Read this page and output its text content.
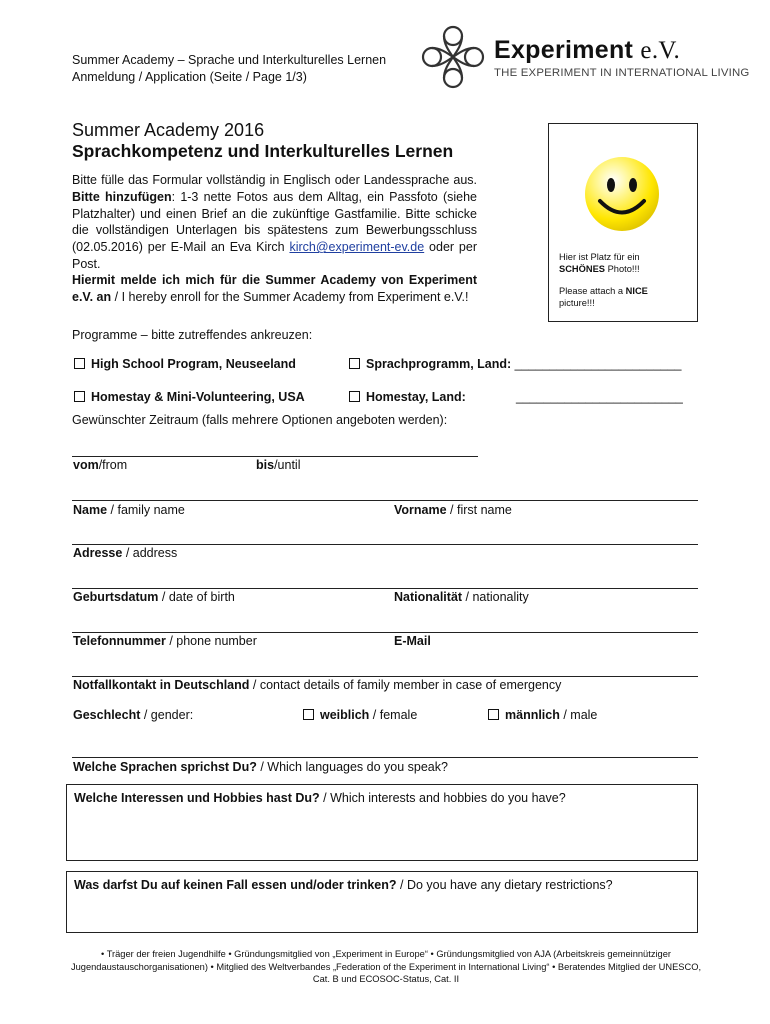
Summer Academy – Sprache und Interkulturelles Lernen
Anmeldung / Application (Seite / Page 1/3)
Experiment e.V.
THE EXPERIMENT IN INTERNATIONAL LIVING
Summer Academy 2016
Sprachkompetenz und Interkulturelles Lernen
Bitte fülle das Formular vollständig in Englisch oder Landessprache aus. Bitte hinzufügen: 1-3 nette Fotos aus dem Alltag, ein Passfoto (siehe Platzhalter) und einen Brief an die zukünftige Gastfamilie. Bitte schicke die vollständigen Unterlagen bis spätestens zum Bewerbungsschluss (02.05.2016) per E-Mail an Eva Kirch kirch@experiment-ev.de oder per Post.
Hiermit melde ich mich für die Summer Academy von Experiment e.V. an / I hereby enroll for the Summer Academy from Experiment e.V.!
Hier ist Platz für ein
SCHÖNES Photo!!!
Please attach a NICE
picture!!!
Programme – bitte zutreffendes ankreuzen:
High School Program, Neuseeland	Sprachprogramm, Land: ________________________
Homestay & Mini-Volunteering, USA	Homestay, Land:	________________________
Gewünschter Zeitraum (falls mehrere Optionen angeboten werden):
vom/from	bis/until
Name / family name	Vorname / first name
Adresse / address
Geburtsdatum / date of birth	Nationalität / nationality
Telefonnummer / phone number	E-Mail
Notfallkontakt in Deutschland / contact details of family member in case of emergency
Geschlecht / gender:	weiblich / female	männlich / male
Welche Sprachen sprichst Du? / Which languages do you speak?
Welche Interessen und Hobbies hast Du? / Which interests and hobbies do you have?
Was darfst Du auf keinen Fall essen und/oder trinken? / Do you have any dietary restrictions?
• Träger der freien Jugendhilfe • Gründungsmitglied von „Experiment in Europe“ • Gründungsmitglied von AJA (Arbeitskreis gemeinnütziger
Jugendaustauschorganisationen) • Mitglied des Weltverbandes „Federation of the Experiment in International Living“ • Beratendes Mitglied der UNESCO,
Cat. B und ECOSOC-Status, Cat. II
